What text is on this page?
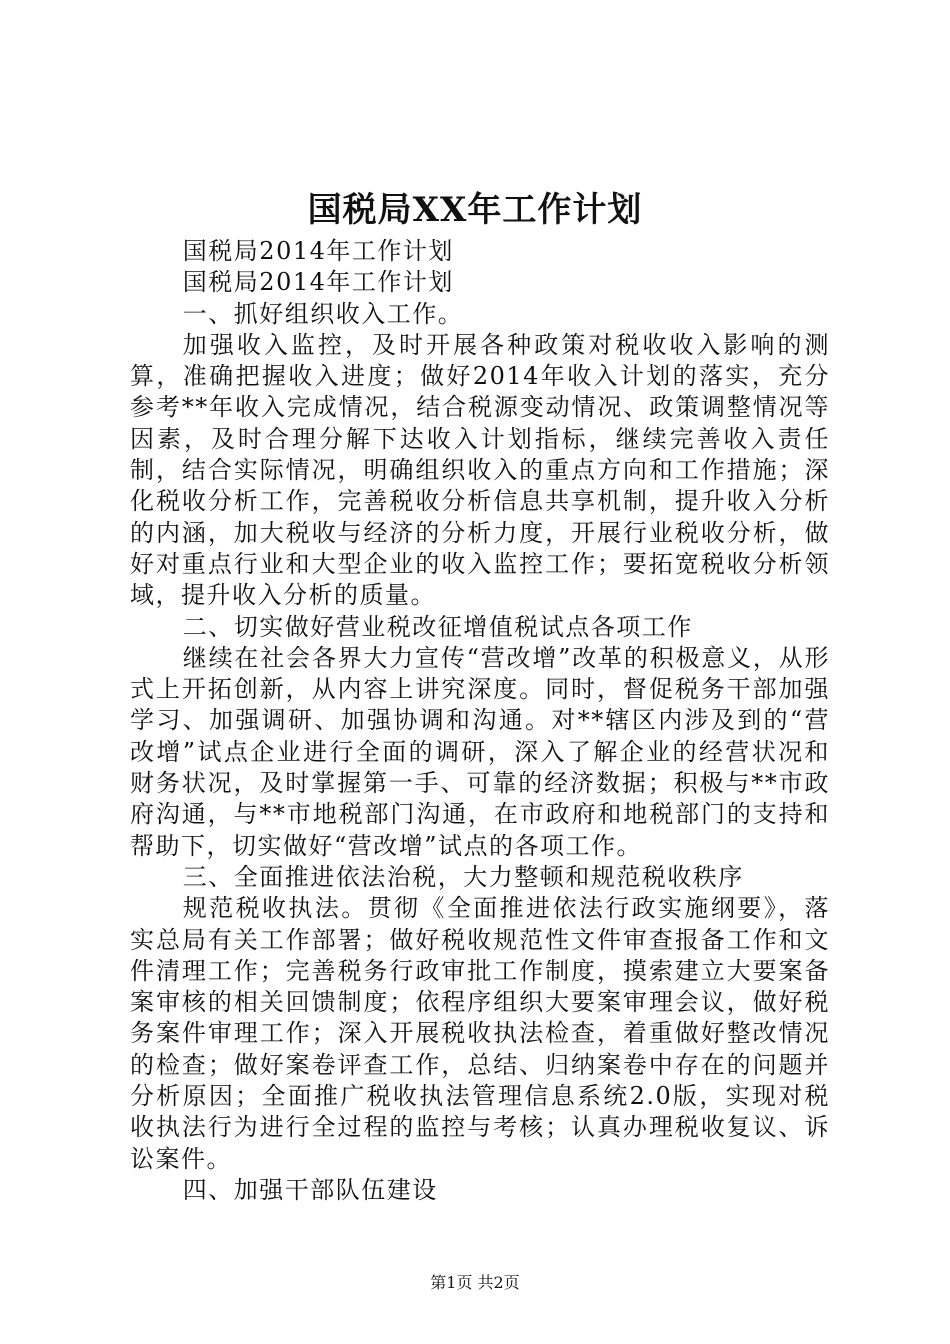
国税局XX年工作计划

国税局2014年工作计划

国税局2014年工作计划

一、抓好组织收入工作。

加强收入监控，及时开展各种政策对税收收入影响的测算，准确把握收入进度；做好2014年收入计划的落实，充分参考**年收入完成情况，结合税源变动情况、政策调整情况等因素，及时合理分解下达收入计划指标，继续完善收入责任制，结合实际情况，明确组织收入的重点方向和工作措施；深化税收分析工作，完善税收分析信息共享机制，提升收入分析的内涵，加大税收与经济的分析力度，开展行业税收分析，做好对重点行业和大型企业的收入监控工作；要拓宽税收分析领域，提升收入分析的质量。

二、切实做好营业税改征增值税试点各项工作

继续在社会各界大力宣传“营改增”改革的积极意义，从形式上开拓创新，从内容上讲究深度。同时，督促税务干部加强学习、加强调研、加强协调和沟通。对**辖区内涉及到的“营改增”试点企业进行全面的调研，深入了解企业的经营状况和财务状况，及时掌握第一手、可靠的经济数据；积极与**市政府沟通，与**市地税部门沟通，在市政府和地税部门的支持和帮助下，切实做好“营改增”试点的各项工作。

三、全面推进依法治税，大力整顿和规范税收秩序

规范税收执法。贯彻《全面推进依法行政实施纲要》，落实总局有关工作部署；做好税收规范性文件审查报备工作和文件清理工作；完善税务行政审批工作制度，摸索建立大要案备案审核的相关回馈制度；依程序组织大要案审理会议，做好税务案件审理工作；深入开展税收执法检查，着重做好整改情况的检查；做好案卷评查工作，总结、归纳案卷中存在的问题并分析原因；全面推广税收执法管理信息系统2.0版，实现对税收执法行为进行全过程的监控与考核；认真办理税收复议、诉讼案件。

四、加强干部队伍建设

第1页 共2页
